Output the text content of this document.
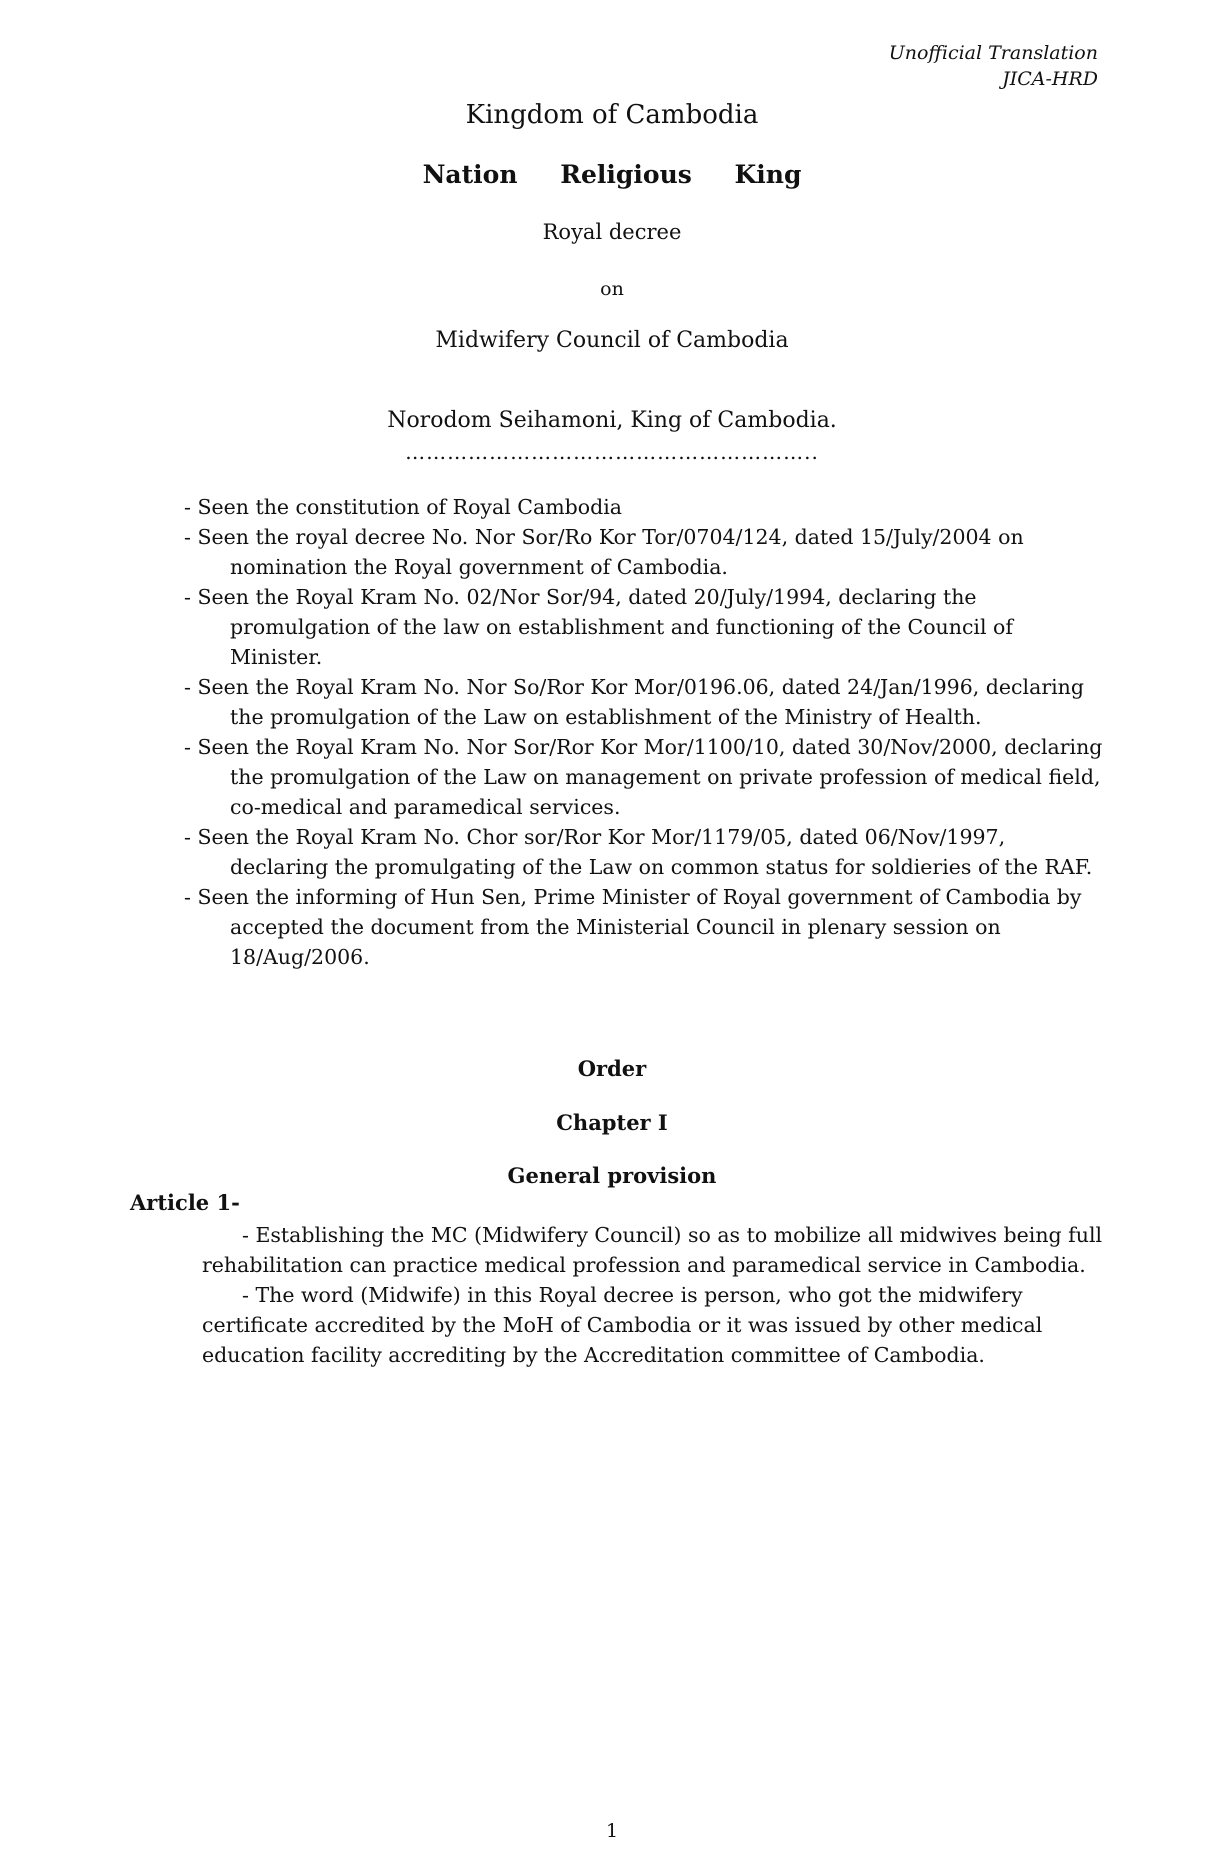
Unofficial Translation
JICA-HRD
Kingdom of Cambodia
Nation Religious King
Royal decree
on
Midwifery Council of Cambodia
Norodom Seihamoni, King of Cambodia.
…………………………………………………..
- Seen the constitution of Royal Cambodia
- Seen the royal decree No. Nor Sor/Ro Kor Tor/0704/124, dated 15/July/2004 on nomination the Royal government of Cambodia.
- Seen the Royal Kram No. 02/Nor Sor/94, dated 20/July/1994, declaring the promulgation of the law on establishment and functioning of the Council of Minister.
- Seen the Royal Kram No. Nor So/Ror Kor Mor/0196.06, dated 24/Jan/1996, declaring the promulgation of the Law on establishment of the Ministry of Health.
- Seen the Royal Kram No. Nor Sor/Ror Kor Mor/1100/10, dated 30/Nov/2000, declaring the promulgation of the Law on management on private profession of medical field, co-medical and paramedical services.
- Seen the Royal Kram No. Chor sor/Ror Kor Mor/1179/05, dated 06/Nov/1997, declaring the promulgating of the Law on common status for soldieries of the RAF.
- Seen the informing of Hun Sen, Prime Minister of Royal government of Cambodia by accepted the document from the Ministerial Council in plenary session on 18/Aug/2006.
Order
Chapter I
General provision
Article 1-

- Establishing the MC (Midwifery Council) so as to mobilize all midwives being full rehabilitation can practice medical profession and paramedical service in Cambodia.

- The word (Midwife) in this Royal decree is person, who got the midwifery certificate accredited by the MoH of Cambodia or it was issued by other medical education facility accrediting by the Accreditation committee of Cambodia.

1
